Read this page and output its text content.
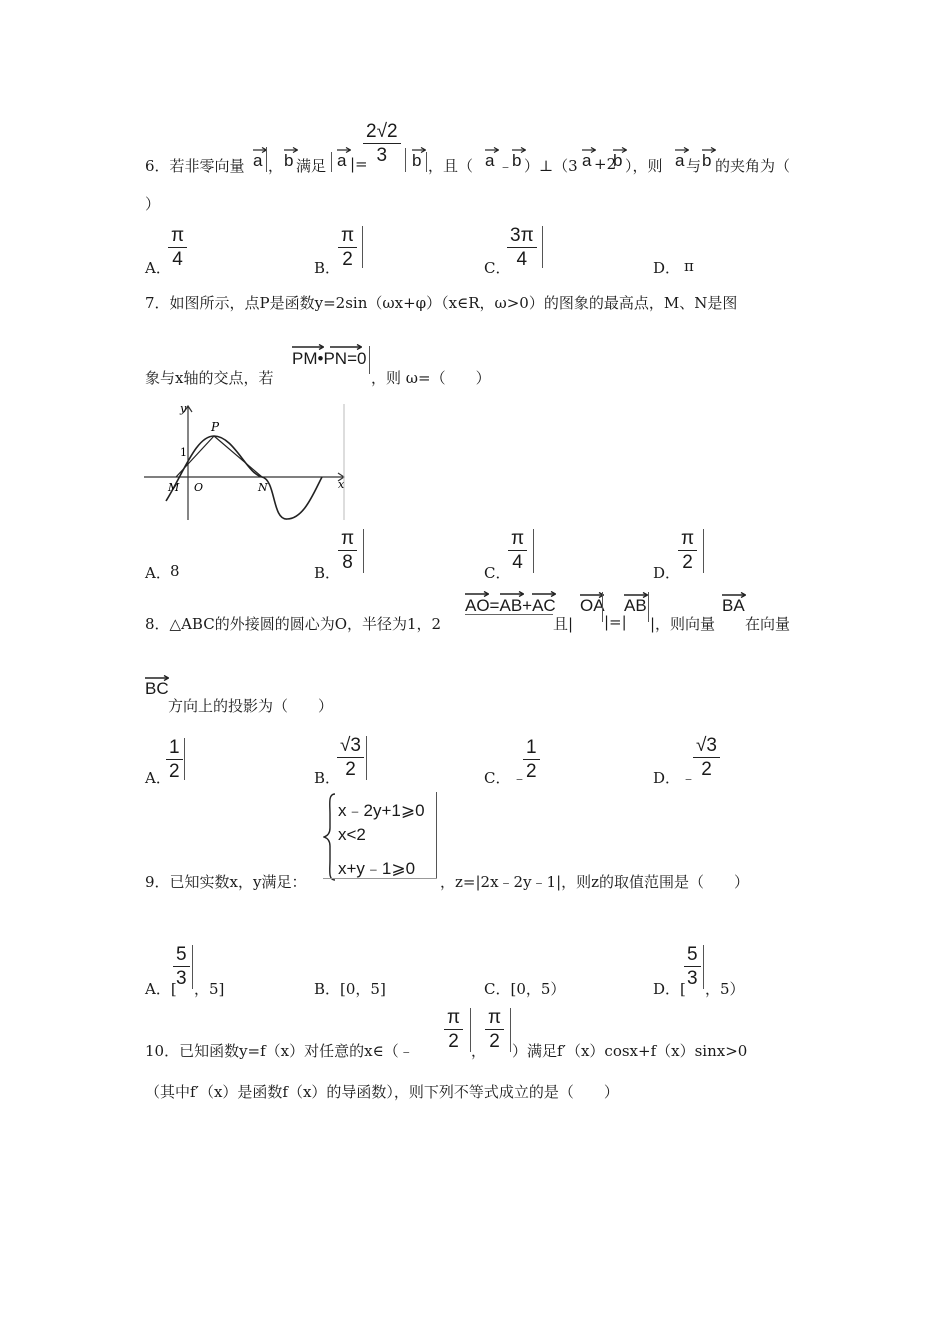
6．若非零向量 a ， b 满足 a |=
$\frac{2√2}{3}$ b ，且（ a ﹣
b ）⊥（3 a +2
b ），则 a 与 b 的夹角为（
）
A．
$\frac{\pi}{4}$	B．
$\frac{\pi}{2}$	C．
$\frac{3\pi}{4}$	D． π
7．如图所示，点P是函数y=2sin（ωx+φ）（x∈R，ω>0）的图象的最高点，M、N是图
象与x轴的交点，若
PM•PN=0
，则 ω=（　　）
y
x
P
1
M O	N
A． 8	B．
$\frac{\pi}{8}$
C．
$\frac{\pi}{4}$
D．
$\frac{\pi}{2}$
8．△ABC的外接圆的圆心为O，半径为1，2
AO=AB+AC
且|
OA
|=|
AB
|，则向量
BA
在向量
BC
方向上的投影为（　　）
A．
$\frac{1}{2}$	B．
$\frac{√3}{2}$	C． ﹣
$\frac{1}{2}$	D． ﹣
$\frac{√3}{2}$
x﹣2y+1⩾0
x<2
x+y﹣1⩾0
9．已知实数x，y满足：	，z=|2x﹣2y﹣1|，则z的取值范围是（　　）
A．[
$\frac{5}{3}$
，5]	B．[0，5]	C．[0，5）	D．[
$\frac{5}{3}$
，5）
10．已知函数y=f（x）对任意的x∈（﹣ $\frac{\pi}{2}$ ，
$\frac{\pi}{2}$ ）满足f′（x）cosx+f（x）sinx>0
（其中f′（x）是函数f（x）的导函数），则下列不等式成立的是（　　）
